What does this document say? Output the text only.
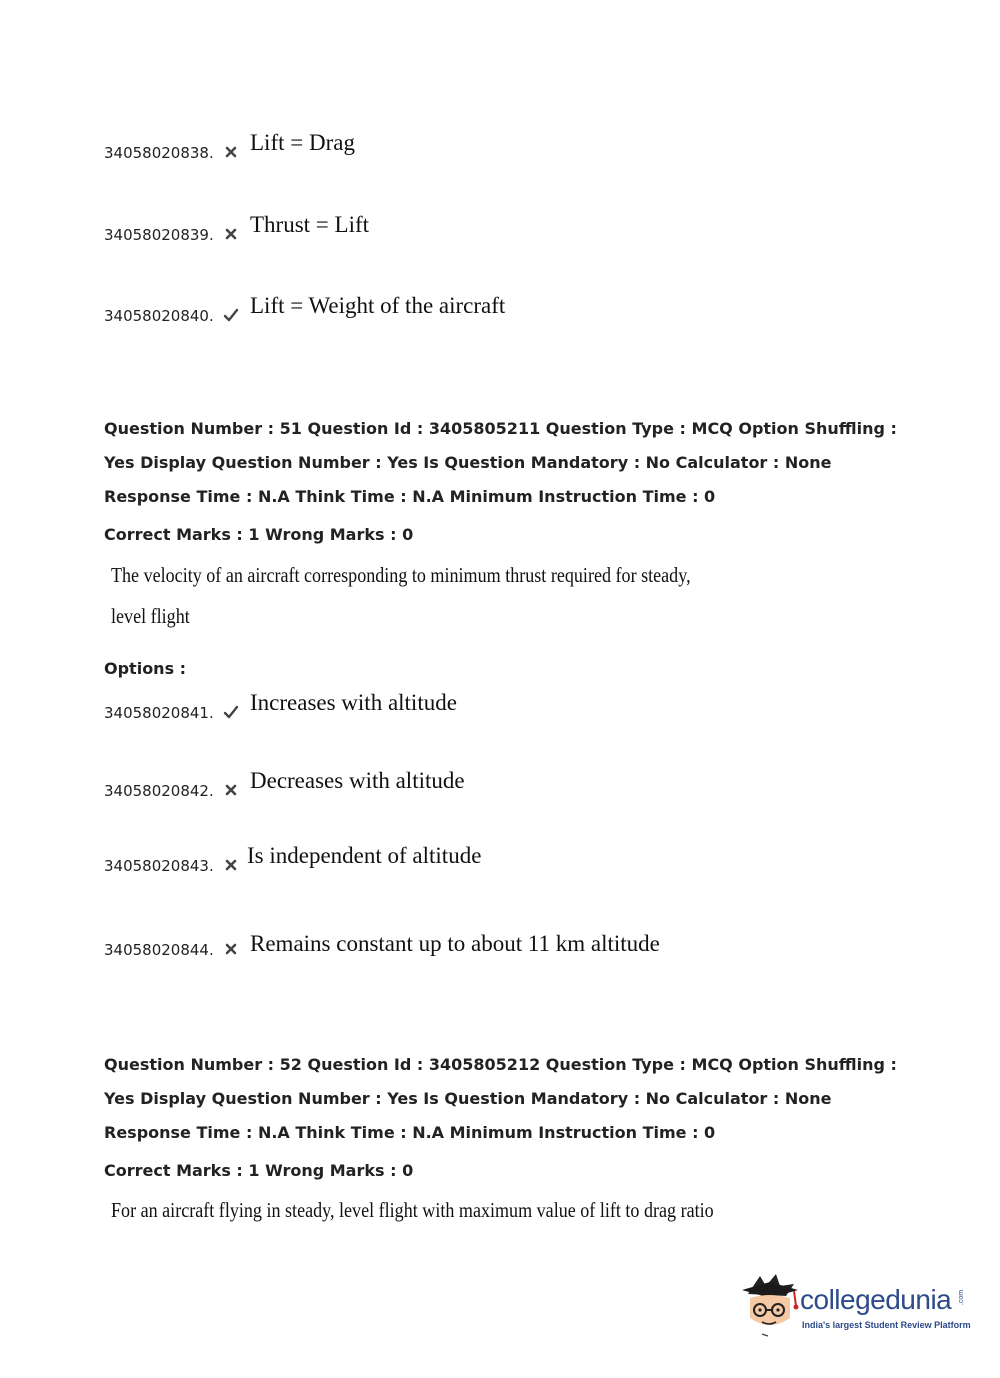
34058020838. Lift = Drag
34058020839. Thrust = Lift
34058020840. Lift = Weight of the aircraft
Question Number : 51 Question Id : 3405805211 Question Type : MCQ Option Shuffling : Yes Display Question Number : Yes Is Question Mandatory : No Calculator : None Response Time : N.A Think Time : N.A Minimum Instruction Time : 0
Correct Marks : 1 Wrong Marks : 0
The velocity of an aircraft corresponding to minimum thrust required for steady,
level flight
Options :
34058020841. Increases with altitude
34058020842. Decreases with altitude
34058020843. Is independent of altitude
34058020844. Remains constant up to about 11 km altitude
Question Number : 52 Question Id : 3405805212 Question Type : MCQ Option Shuffling : Yes Display Question Number : Yes Is Question Mandatory : No Calculator : None Response Time : N.A Think Time : N.A Minimum Instruction Time : 0
Correct Marks : 1 Wrong Marks : 0
For an aircraft flying in steady, level flight with maximum value of lift to drag ratio
collegedunia .com
India's largest Student Review Platform
